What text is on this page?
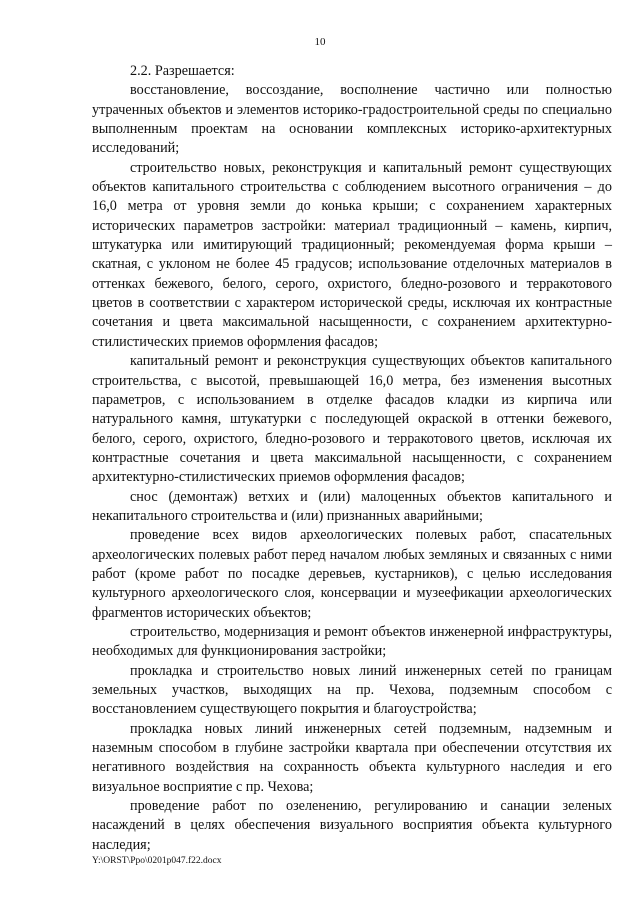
10

2.2. Разрешается:

восстановление, воссоздание, восполнение частично или полностью утраченных объектов и элементов историко-градостроительной среды по специально выполненным проектам на основании комплексных историко-архитектурных исследований;

строительство новых, реконструкция и капитальный ремонт существующих объектов капитального строительства с соблюдением высотного ограничения – до 16,0 метра от уровня земли до конька крыши; с сохранением характерных исторических параметров застройки: материал традиционный – камень, кирпич, штукатурка или имитирующий традиционный; рекомендуемая форма крыши – скатная, с уклоном не более 45 градусов; использование отделочных материалов в оттенках бежевого, белого, серого, охристого, бледно-розового и терракотового цветов в соответствии с характером исторической среды, исключая их контрастные сочетания и цвета максимальной насыщенности, с сохранением архитектурно-стилистических приемов оформления фасадов;

капитальный ремонт и реконструкция существующих объектов капитального строительства, с высотой, превышающей 16,0 метра, без изменения высотных параметров, с использованием в отделке фасадов кладки из кирпича или натурального камня, штукатурки с последующей окраской в оттенки бежевого, белого, серого, охристого, бледно-розового и терракотового цветов, исключая их контрастные сочетания и цвета максимальной насыщенности, с сохранением архитектурно-стилистических приемов оформления фасадов;

снос (демонтаж) ветхих и (или) малоценных объектов капитального и некапитального строительства и (или) признанных аварийными;

проведение всех видов археологических полевых работ, спасательных археологических полевых работ перед началом любых земляных и связанных с ними работ (кроме работ по посадке деревьев, кустарников), с целью исследования культурного археологического слоя, консервации и музеефикации археологических фрагментов исторических объектов;

строительство, модернизация и ремонт объектов инженерной инфраструктуры, необходимых для функционирования застройки;

прокладка и строительство новых линий инженерных сетей по границам земельных участков, выходящих на пр. Чехова, подземным способом с восстановлением существующего покрытия и благоустройства;

прокладка новых линий инженерных сетей подземным, надземным и наземным способом в глубине застройки квартала при обеспечении отсутствия их негативного воздействия на сохранность объекта культурного наследия и его визуальное восприятие с пр. Чехова;

проведение работ по озеленению, регулированию и санации зеленых насаждений в целях обеспечения визуального восприятия объекта культурного наследия;

Y:\ORST\Ppo\0201p047.f22.docx
